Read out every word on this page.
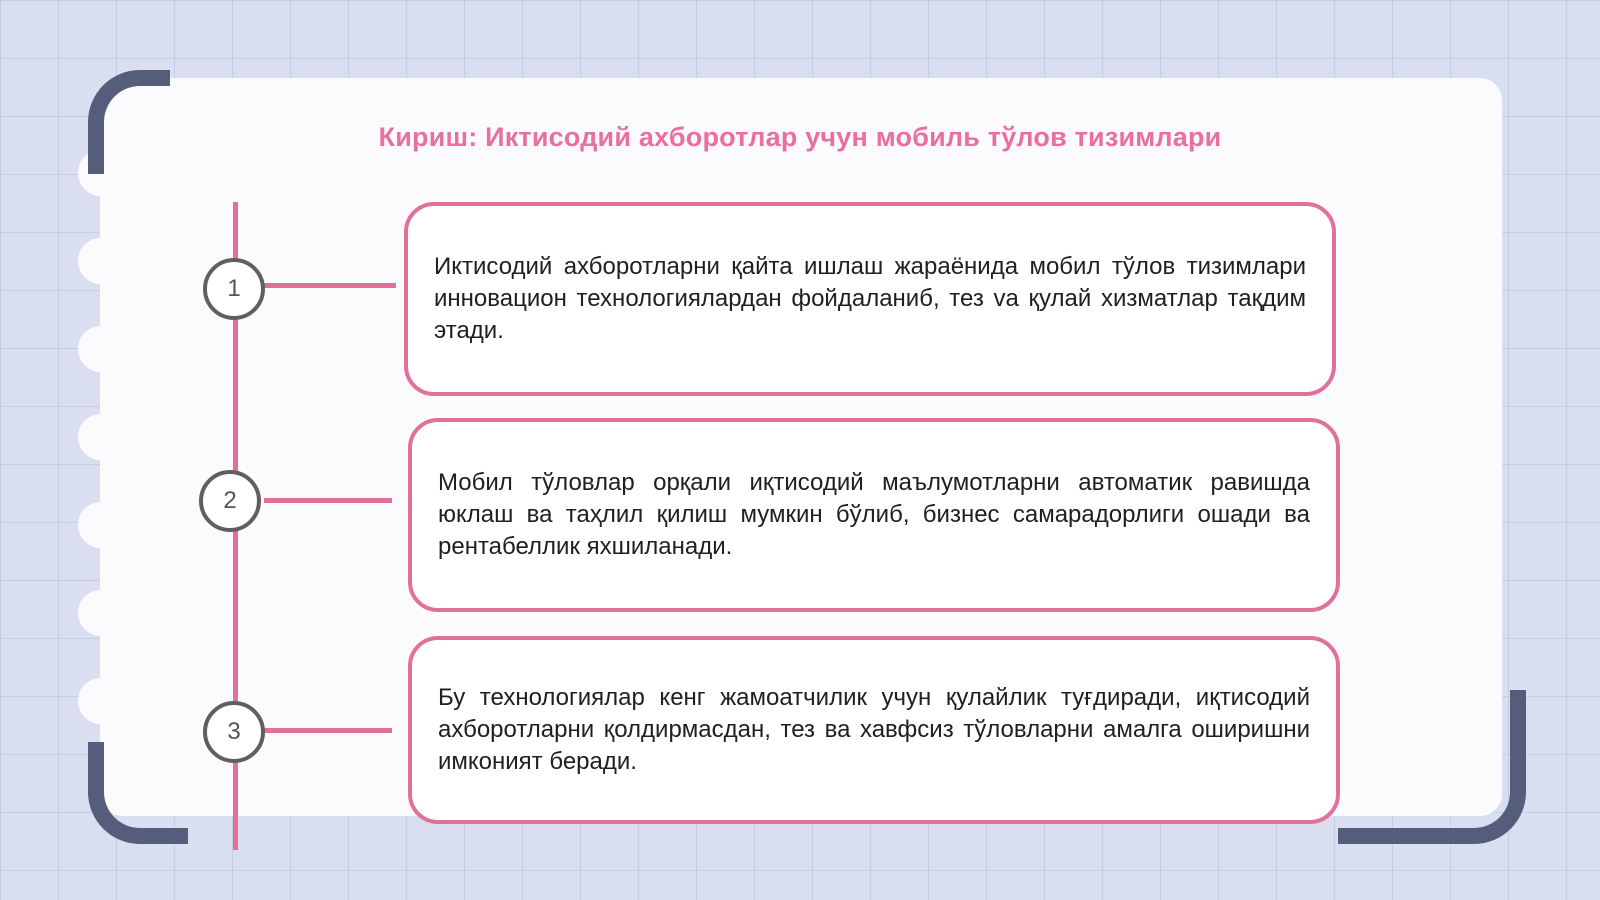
Кириш: Иктисодий ахборотлар учун мобиль тўлов тизимлари
1

Иктисодий ахборотларни қайта ишлаш жараёнида мобил тўлов тизимлари инновацион технологиялардан фойдаланиб, тез va қулай хизматлар тақдим этади.

2

Мобил тўловлар орқали иқтисодий маълумотларни автоматик равишда юклаш ва таҳлил қилиш мумкин бўлиб, бизнес самарадорлиги ошади ва рентабеллик яхшиланади.

3

Бу технологиялар кенг жамоатчилик учун қулайлик туғдиради, иқтисодий ахборотларни қолдирмасдан, тез ва хавфсиз тўловларни амалга оширишни имконият беради.
